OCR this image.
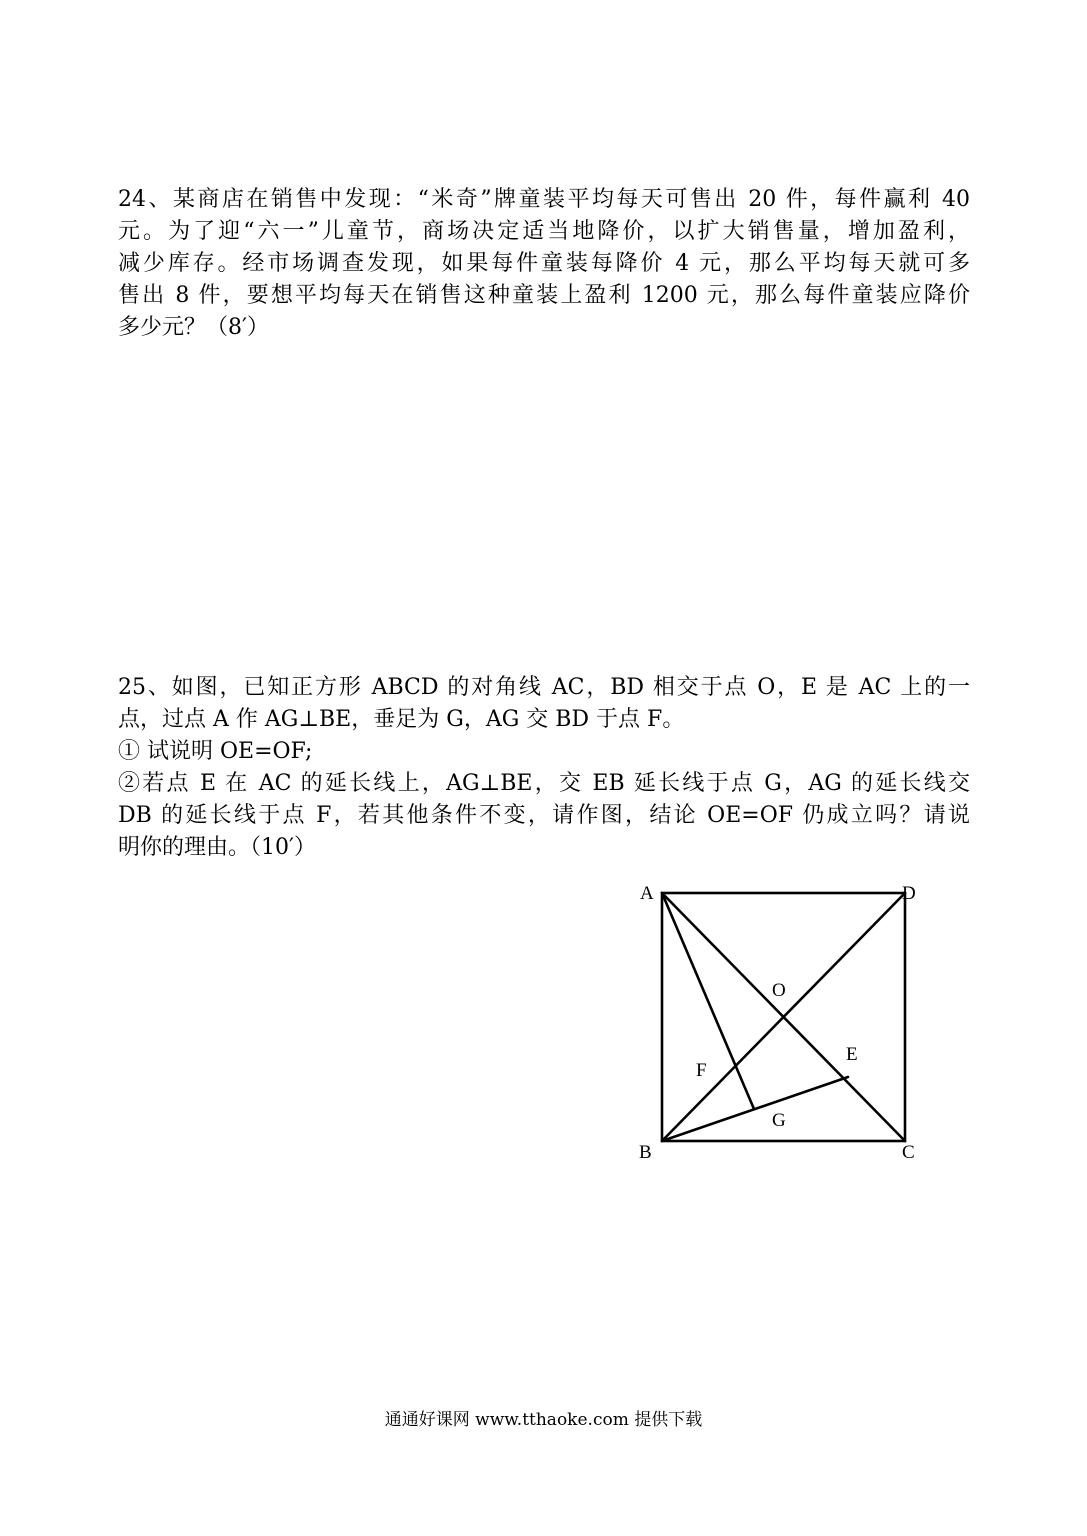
24、某商店在销售中发现：“米奇”牌童装平均每天可售出 20 件，每件赢利 40
元。为了迎“六一”儿童节，商场决定适当地降价，以扩大销售量，增加盈利，
减少库存。经市场调查发现，如果每件童装每降价 4 元，那么平均每天就可多
售出 8 件，要想平均每天在销售这种童装上盈利 1200 元，那么每件童装应降价
多少元？（8′）
25、如图，已知正方形 ABCD 的对角线 AC，BD 相交于点 O，E 是 AC 上的一
点，过点 A 作 AG⊥BE，垂足为 G，AG 交 BD 于点 F。
① 试说明 OE=OF;
②若点 E 在 AC 的延长线上，AG⊥BE，交 EB 延长线于点 G，AG 的延长线交
DB 的延长线于点 F，若其他条件不变，请作图，结论 OE=OF 仍成立吗？请说
明你的理由。（10′）
A	D
O
E
F
G
B	C
通通好课网 www.tthaoke.com 提供下载
